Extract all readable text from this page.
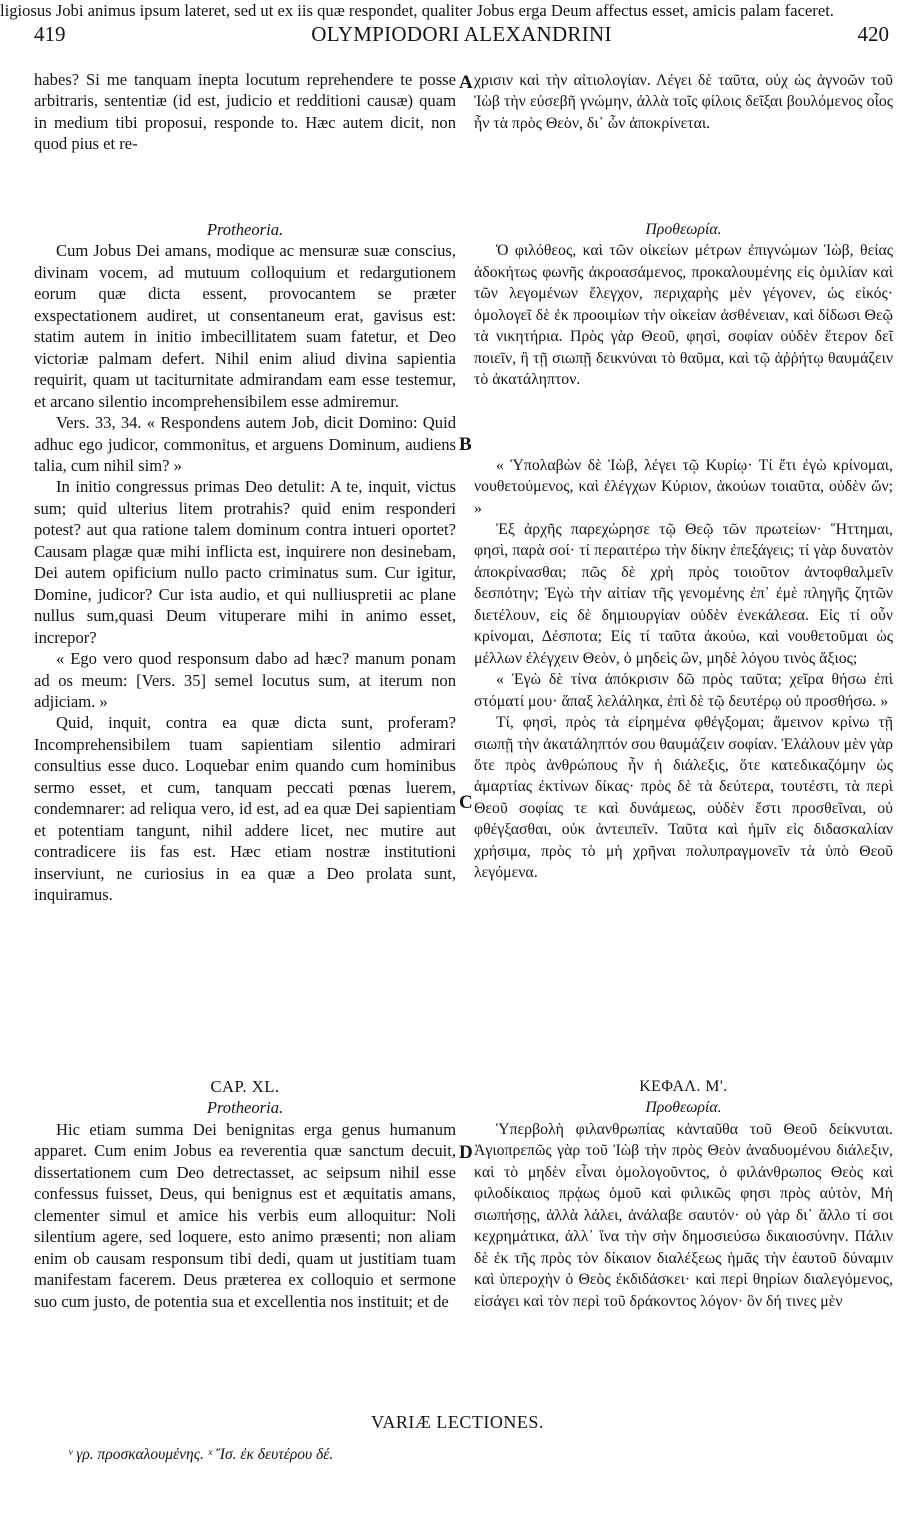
419	OLYMPIODORI ALEXANDRINI	420
A
B
C
D

habes? Si me tanquam inepta locutum reprehendere te posse arbitraris, sententiæ (id est, judicio et redditioni causæ) quam in medium tibi proposui, responde to. Hæc autem dicit, non quod pius et re-

χρισιν καὶ τὴν αἰτιολογίαν. Λέγει δὲ ταῦτα, οὐχ ὡς ἀγνοῶν τοῦ Ἰὼβ τὴν εὐσεβῆ γνώμην, ἀλλὰ τοῖς φίλοις δεῖξαι βουλόμενος οἷος ἦν τὰ πρὸς Θεὸν, δι᾽ ὧν ἀποκρίνεται.

ligiosus Jobi animus ipsum lateret, sed ut ex iis quæ respondet, qualiter Jobus erga Deum affectus esset, amicis palam faceret.

Protheoria.

Cum Jobus Dei amans, modique ac mensuræ suæ conscius, divinam vocem, ad mutuum colloquium et redargutionem eorum quæ dicta essent, provocantem se præter exspectationem audiret, ut consentaneum erat, gavisus est: statim autem in initio imbecillitatem suam fatetur, et Deo victoriæ palmam defert. Nihil enim aliud divina sapientia requirit, quam ut taciturnitate admirandam eam esse testemur, et arcano silentio incomprehensibilem esse admiremur.

Vers. 33, 34. « Respondens autem Job, dicit Domino: Quid adhuc ego judicor, commonitus, et arguens Dominum, audiens talia, cum nihil sim? »

In initio congressus primas Deo detulit: A te, inquit, victus sum; quid ulterius litem protrahis? quid enim responderi potest? aut qua ratione talem dominum contra intueri oportet? Causam plagæ quæ mihi inflicta est, inquirere non desinebam, Dei autem opificium nullo pacto criminatus sum. Cur igitur, Domine, judicor? Cur ista audio, et qui nulliuspretii ac plane nullus sum,quasi Deum vituperare mihi in animo esset, increpor?

« Ego vero quod responsum dabo ad hæc? manum ponam ad os meum: [Vers. 35] semel locutus sum, at iterum non adjiciam. »

Quid, inquit, contra ea quæ dicta sunt, proferam? Incomprehensibilem tuam sapientiam silentio admirari consultius esse duco. Loquebar enim quando cum hominibus sermo esset, et cum, tanquam peccati pœnas luerem, condemnarer: ad reliqua vero, id est, ad ea quæ Dei sapientiam et potentiam tangunt, nihil addere licet, nec mutire aut contradicere iis fas est. Hæc etiam nostræ institutioni inserviunt, ne curiosius in ea quæ a Deo prolata sunt, inquiramus.

Προθεωρία.

Ὁ φιλόθεος, καὶ τῶν οἰκείων μέτρων ἐπιγνώμων Ἰὼβ, θείας ἀδοκήτως φωνῆς ἀκροασάμενος, προκαλουμένης εἰς ὁμιλίαν καὶ τῶν λεγομένων ἔλεγχον, περιχαρὴς μὲν γέγονεν, ὡς εἰκός· ὁμολογεῖ δὲ ἐκ προοιμίων τὴν οἰκείαν ἀσθένειαν, καὶ δίδωσι Θεῷ τὰ νικητήρια. Πρὸς γὰρ Θεοῦ, φησὶ, σοφίαν οὐδὲν ἕτερον δεῖ ποιεῖν, ἢ τῇ σιωπῇ δεικνύναι τὸ θαῦμα, καὶ τῷ ἀῤῥήτῳ θαυμάζειν τὸ ἀκατάληπτον.

« Ὑπολαβὼν δὲ Ἰὼβ, λέγει τῷ Κυρίῳ· Τί ἔτι ἐγὼ κρίνομαι, νουθετούμενος, καὶ ἐλέγχων Κύριον, ἀκούων τοιαῦτα, οὐδὲν ὤν; »

Ἐξ ἀρχῆς παρεχώρησε τῷ Θεῷ τῶν πρωτείων· Ἥττημαι, φησὶ, παρὰ σοί· τί περαιτέρω τὴν δίκην ἐπεξάγεις; τί γὰρ δυνατὸν ἀποκρίνασθαι; πῶς δὲ χρὴ πρὸς τοιοῦτον ἀντοφθαλμεῖν δεσπότην; Ἐγὼ τὴν αἰτίαν τῆς γενομένης ἐπ᾽ ἐμὲ πληγῆς ζητῶν διετέλουν, εἰς δὲ δημιουργίαν οὐδὲν ἐνεκάλεσα. Εἰς τί οὖν κρίνομαι, Δέσποτα; Εἰς τί ταῦτα ἀκούω, καὶ νουθετοῦμαι ὡς μέλλων ἐλέγχειν Θεὸν, ὁ μηδεὶς ὢν, μηδὲ λόγου τινὸς ἄξιος;

« Ἐγὼ δὲ τίνα ἀπόκρισιν δῶ πρὸς ταῦτα; χεῖρα θήσω ἐπὶ στόματί μου· ἅπαξ λελάληκα, ἐπὶ δὲ τῷ δευτέρῳ οὐ προσθήσω. »

Τί, φησὶ, πρὸς τὰ εἰρημένα φθέγξομαι; ἄμεινον κρίνω τῇ σιωπῇ τὴν ἀκατάληπτόν σου θαυμάζειν σοφίαν. Ἐλάλουν μὲν γὰρ ὅτε πρὸς ἀνθρώπους ἦν ἡ διάλεξις, ὅτε κατεδικαζόμην ὡς ἁμαρτίας ἐκτίνων δίκας· πρὸς δὲ τὰ δεύτερα, τουτέστι, τὰ περὶ Θεοῦ σοφίας τε καὶ δυνάμεως, οὐδὲν ἔστι προσθεῖναι, οὐ φθέγξασθαι, οὐκ ἀντειπεῖν. Ταῦτα καὶ ἡμῖν εἰς διδασκαλίαν χρήσιμα, πρὸς τὸ μὴ χρῆναι πολυπραγμονεῖν τὰ ὑπὸ Θεοῦ λεγόμενα.

CAP. XL.

Protheoria.

Hic etiam summa Dei benignitas erga genus humanum apparet. Cum enim Jobus ea reverentia quæ sanctum decuit, dissertationem cum Deo detrectasset, ac seipsum nihil esse confessus fuisset, Deus, qui benignus est et æquitatis amans, clementer simul et amice his verbis eum alloquitur: Noli silentium agere, sed loquere, esto animo præsenti; non aliam enim ob causam responsum tibi dedi, quam ut justitiam tuam manifestam facerem. Deus præterea ex colloquio et sermone suo cum justo, de potentia sua et excellentia nos instituit; et de

ΚΕΦΑΛ. Μ'.

Προθεωρία.

Ὑπερβολὴ φιλανθρωπίας κἀνταῦθα τοῦ Θεοῦ δείκνυται. Ἁγιοπρεπῶς γὰρ τοῦ Ἰὼβ τὴν πρὸς Θεὸν ἀναδυομένου διάλεξιν, καὶ τὸ μηδὲν εἶναι ὁμολογοῦντος, ὁ φιλάνθρωπος Θεὸς καὶ φιλοδίκαιος πρᾴως ὁμοῦ καὶ φιλικῶς φησι πρὸς αὐτὸν, Μὴ σιωπήσῃς, ἀλλὰ λάλει, ἀνάλαβε σαυτόν· οὐ γὰρ δι᾽ ἄλλο τί σοι κεχρημάτικα, ἀλλ᾽ ἵνα τὴν σὴν δημοσιεύσω δικαιοσύνην. Πάλιν δὲ ἐκ τῆς πρὸς τὸν δίκαιον διαλέξεως ἡμᾶς τὴν ἑαυτοῦ δύναμιν καὶ ὑπεροχὴν ὁ Θεὸς ἐκδιδάσκει· καὶ περὶ θηρίων διαλεγόμενος, εἰσάγει καὶ τὸν περὶ τοῦ δράκοντος λόγον· ὃν δή τινες μὲν

VARIÆ LECTIONES.
ᵛ γρ. προσκαλουμένης. ˣ Ἴσ. ἐκ δευτέρου δέ.
